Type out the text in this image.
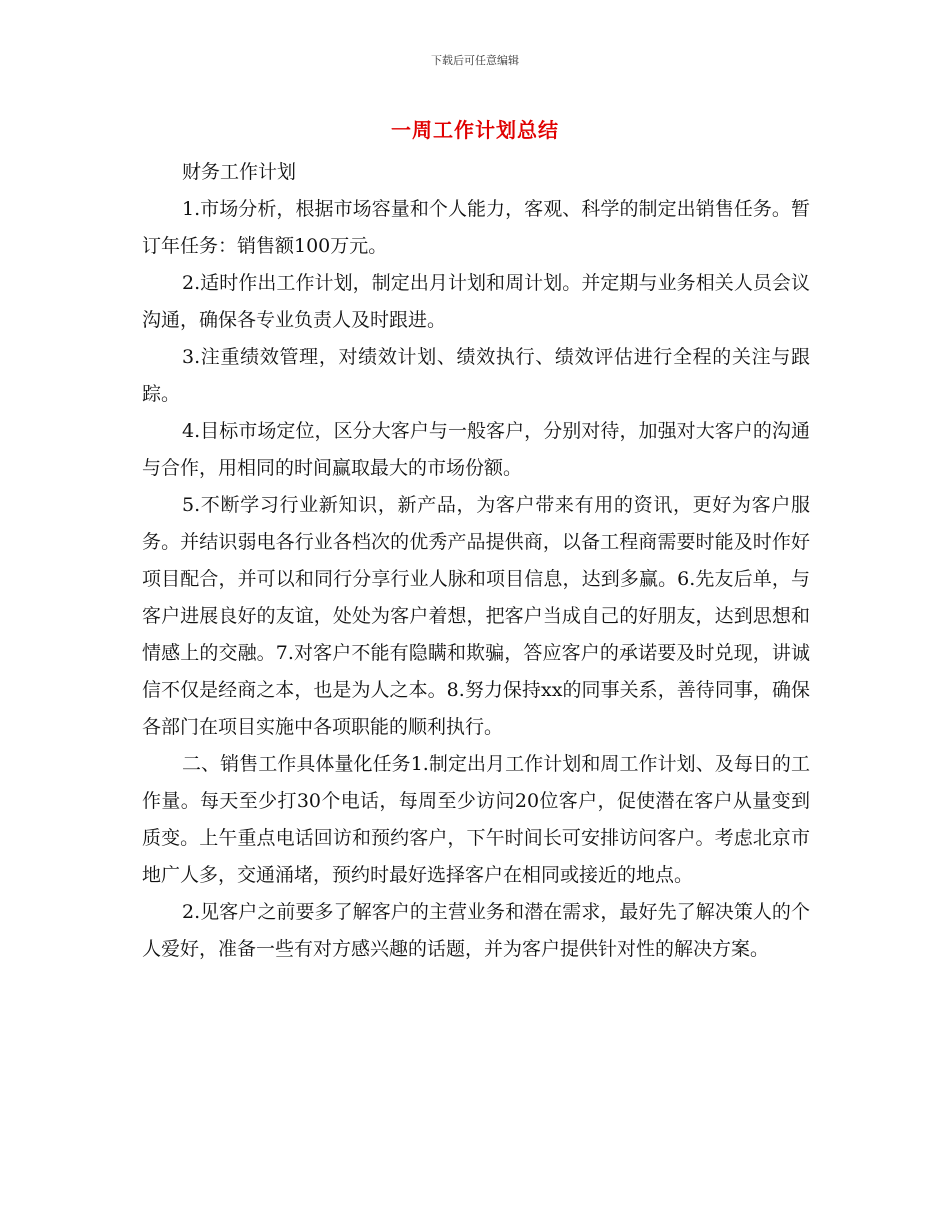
下载后可任意编辑
一周工作计划总结

财务工作计划

1.市场分析，根据市场容量和个人能力，客观、科学的制定出销售任务。暂订年任务：销售额100万元。

2.适时作出工作计划，制定出月计划和周计划。并定期与业务相关人员会议沟通，确保各专业负责人及时跟进。

3.注重绩效管理，对绩效计划、绩效执行、绩效评估进行全程的关注与跟踪。

4.目标市场定位，区分大客户与一般客户，分别对待，加强对大客户的沟通与合作，用相同的时间赢取最大的市场份额。

5.不断学习行业新知识，新产品，为客户带来有用的资讯，更好为客户服务。并结识弱电各行业各档次的优秀产品提供商，以备工程商需要时能及时作好项目配合，并可以和同行分享行业人脉和项目信息，达到多赢。6.先友后单，与客户进展良好的友谊，处处为客户着想，把客户当成自己的好朋友，达到思想和情感上的交融。7.对客户不能有隐瞒和欺骗，答应客户的承诺要及时兑现，讲诚信不仅是经商之本，也是为人之本。8.努力保持xx的同事关系，善待同事，确保各部门在项目实施中各项职能的顺利执行。

二、销售工作具体量化任务1.制定出月工作计划和周工作计划、及每日的工作量。每天至少打30个电话，每周至少访问20位客户，促使潜在客户从量变到质变。上午重点电话回访和预约客户，下午时间长可安排访问客户。考虑北京市地广人多，交通涌堵，预约时最好选择客户在相同或接近的地点。

2.见客户之前要多了解客户的主营业务和潜在需求，最好先了解决策人的个人爱好，准备一些有对方感兴趣的话题，并为客户提供针对性的解决方案。
